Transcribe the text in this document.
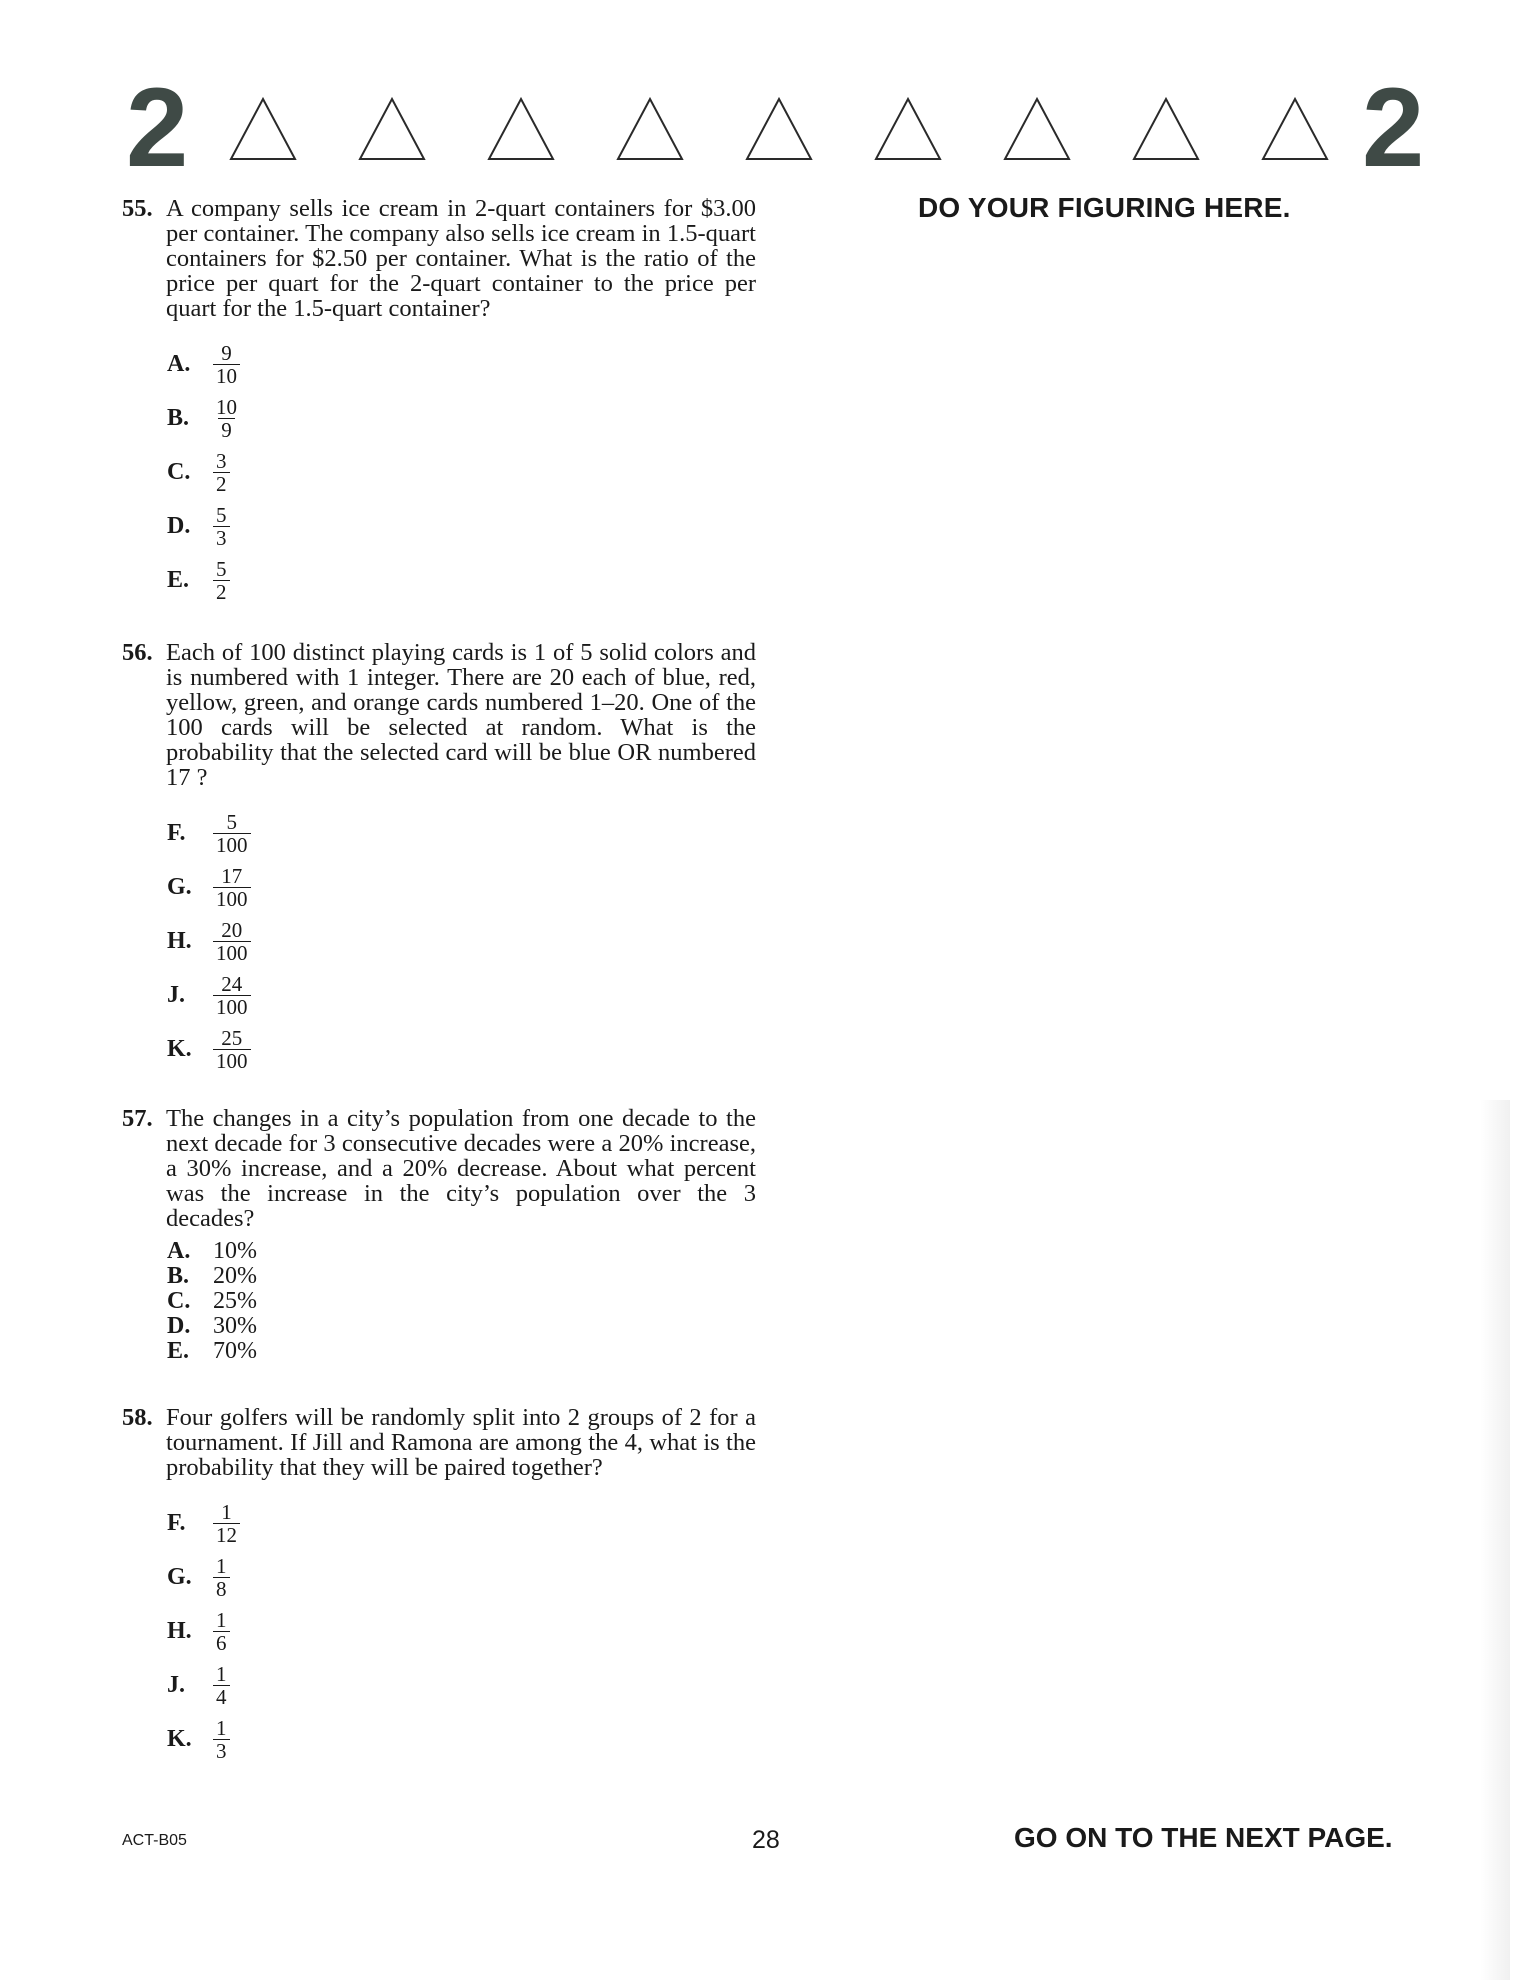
2	2
DO YOUR FIGURING HERE.
55. A company sells ice cream in 2-quart containers for $3.00 per container. The company also sells ice cream in 1.5-quart containers for $2.50 per container. What is the ratio of the price per quart for the 2-quart container to the price per quart for the 1.5-quart container?
A.	$\frac{9}{10}$
B.	$\frac{10}{9}$
C.	$\frac{3}{2}$
D.	$\frac{5}{3}$
E.	$\frac{5}{2}$
56. Each of 100 distinct playing cards is 1 of 5 solid colors and is numbered with 1 integer. There are 20 each of blue, red, yellow, green, and orange cards numbered 1–20. One of the 100 cards will be selected at random. What is the probability that the selected card will be blue OR numbered 17 ?
F.	$\frac{5}{100}$
G.	$\frac{17}{100}$
H.	$\frac{20}{100}$
J.	$\frac{24}{100}$
K.	$\frac{25}{100}$
57. The changes in a city’s population from one decade to the next decade for 3 consecutive decades were a 20% increase, a 30% increase, and a 20% decrease. About what percent was the increase in the city’s population over the 3 decades?
A. 10%
B. 20%
C. 25%
D. 30%
E. 70%
58. Four golfers will be randomly split into 2 groups of 2 for a tournament. If Jill and Ramona are among the 4, what is the probability that they will be paired together?
F.	$\frac{1}{12}$
G.	$\frac{1}{8}$
H.	$\frac{1}{6}$
J.	$\frac{1}{4}$
K.	$\frac{1}{3}$
ACT-B05	28	GO ON TO THE NEXT PAGE.
